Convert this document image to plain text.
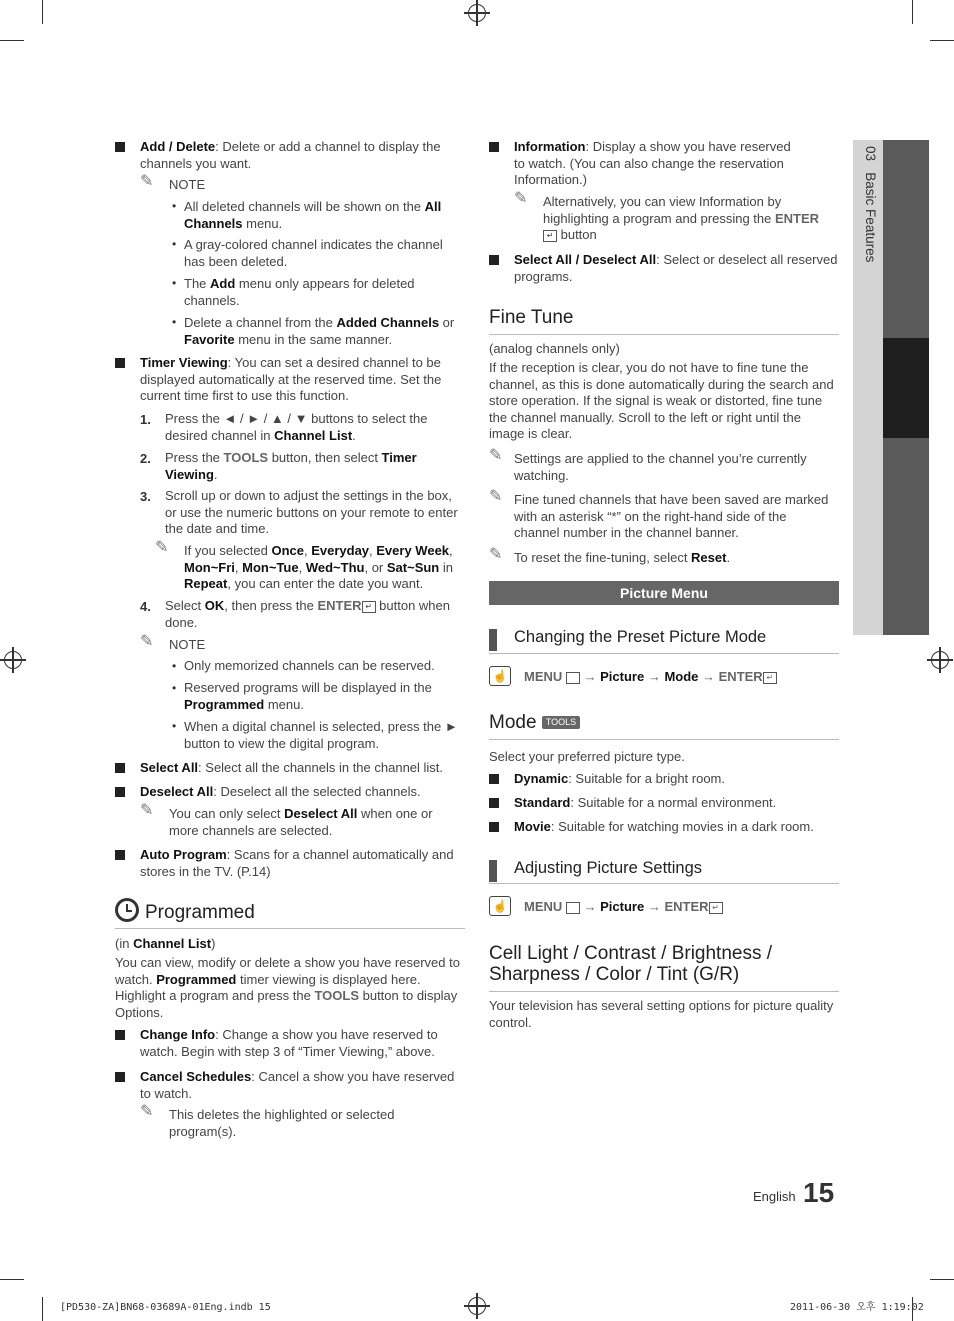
03   Basic Features
Add / Delete: Delete or add a channel to display the channels you want.
✎ NOTE
• All deleted channels will be shown on the All Channels menu.
• A gray-colored channel indicates the channel has been deleted.
• The Add menu only appears for deleted channels.
• Delete a channel from the Added Channels or Favorite menu in the same manner.
Timer Viewing: You can set a desired channel to be displayed automatically at the reserved time. Set the current time first to use this function.
1. Press the ◄ / ► / ▲ / ▼ buttons to select the desired channel in Channel List.
2. Press the TOOLS button, then select Timer Viewing.
3. Scroll up or down to adjust the settings in the box, or use the numeric buttons on your remote to enter the date and time.
✎ If you selected Once, Everyday, Every Week, Mon~Fri, Mon~Tue, Wed~Thu, or Sat~Sun in Repeat, you can enter the date you want.
4. Select OK, then press the ENTER ↵ button when done.
✎ NOTE
• Only memorized channels can be reserved.
• Reserved programs will be displayed in the Programmed menu.
• When a digital channel is selected, press the ► button to view the digital program.
Select All: Select all the channels in the channel list.
Deselect All: Deselect all the selected channels.
✎ You can only select Deselect All when one or more channels are selected.
Auto Program: Scans for a channel automatically and stores in the TV. (P.14)
Programmed
(in Channel List)
You can view, modify or delete a show you have reserved to watch. Programmed timer viewing is displayed here. Highlight a program and press the TOOLS button to display Options.
Change Info: Change a show you have reserved to watch. Begin with step 3 of “Timer Viewing,” above.
Cancel Schedules: Cancel a show you have reserved to watch.
✎ This deletes the highlighted or selected program(s).
Information: Display a show you have reserved to watch. (You can also change the reservation Information.)
✎ Alternatively, you can view Information by highlighting a program and pressing the ENTER ↵ button
Select All / Deselect All: Select or deselect all reserved programs.
Fine Tune
(analog channels only)
If the reception is clear, you do not have to fine tune the channel, as this is done automatically during the search and store operation. If the signal is weak or distorted, fine tune the channel manually. Scroll to the left or right until the image is clear.
✎ Settings are applied to the channel you’re currently watching.
✎ Fine tuned channels that have been saved are marked with an asterisk “*” on the right-hand side of the channel number in the channel banner.
✎ To reset the fine-tuning, select Reset.
Picture Menu
Changing the Preset Picture Mode
☝ MENU  → Picture → Mode → ENTER ↵
Mode TOOLS
Select your preferred picture type.
Dynamic: Suitable for a bright room.
Standard: Suitable for a normal environment.
Movie: Suitable for watching movies in a dark room.
Adjusting Picture Settings
☝ MENU  → Picture → ENTER ↵
Cell Light / Contrast / Brightness /
Sharpness / Color / Tint (G/R)
Your television has several setting options for picture quality control.
English 15
[PD530-ZA]BN68-03689A-01Eng.indb 15	2011-06-30 오후 1:19:02
